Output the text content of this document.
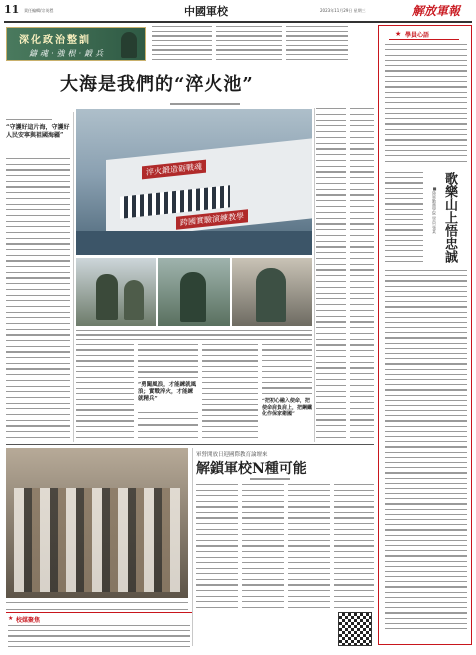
11 責任編輯/宗英穩	中國軍校	2023年11月29日 星期三	解放軍報
深化政治整訓
鑄魂·強根·鍛兵
大海是我們的“淬火池”
“守護好這片海，守護好人民安寧與祖國海疆”
淬火鍛造砺戰魂
跨國實驗演練教學
“勇闖風浪，才能練就風浪；實戰淬火，才能練就精兵”	“把初心融入使命，把使命肩負肩上，把鋼鐵化作保家衛國”
★ 學員心語
歌樂山上悟忠誠
■陸軍勤務學院 學員 張某
軍營開放日迎國際教育論壇來
解鎖軍校N種可能
★ 校媒聚焦
